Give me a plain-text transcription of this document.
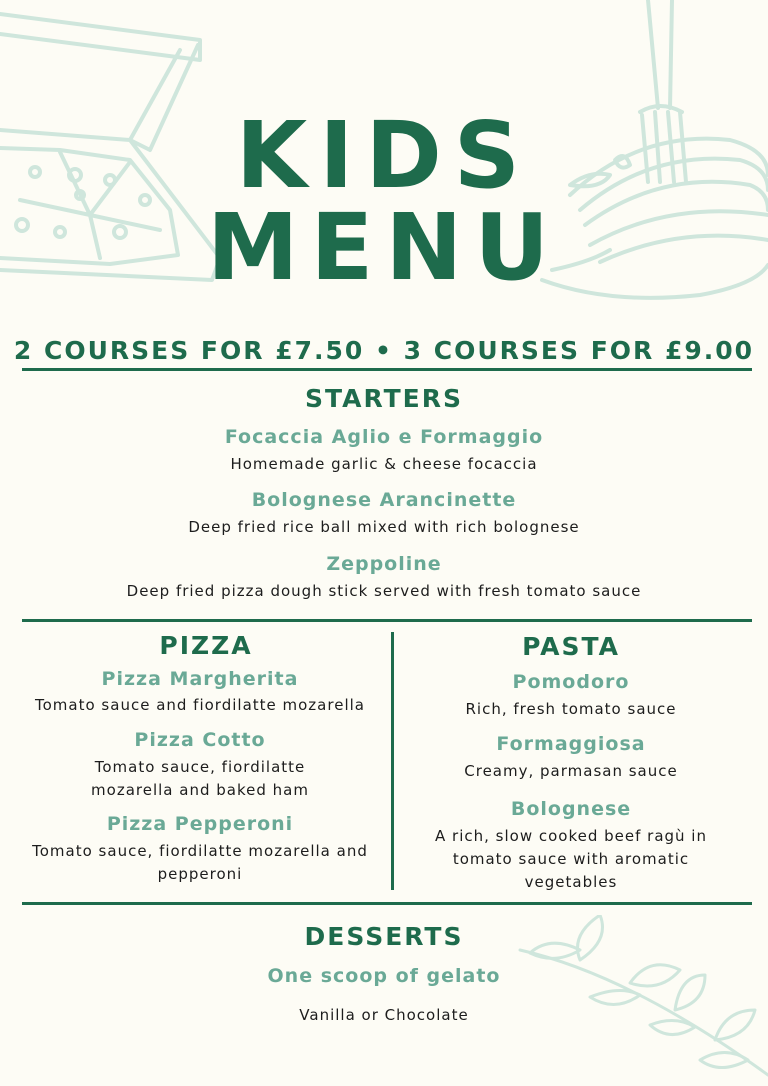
KIDS
MENU
2 COURSES FOR £7.50 • 3 COURSES FOR £9.00
STARTERS
Focaccia Aglio e Formaggio
Homemade garlic & cheese focaccia
Bolognese Arancinette
Deep fried rice ball mixed with rich bolognese
Zeppoline
Deep fried pizza dough stick served with fresh tomato sauce
PIZZA
Pizza Margherita
Tomato sauce and fiordilatte mozarella
Pizza Cotto
Tomato sauce, fiordilatte mozarella and baked ham
Pizza Pepperoni
Tomato sauce, fiordilatte mozarella and pepperoni
PASTA
Pomodoro
Rich, fresh tomato sauce
Formaggiosa
Creamy, parmasan sauce
Bolognese
A rich, slow cooked beef ragù in tomato sauce with aromatic vegetables
DESSERTS
One scoop of gelato
Vanilla or Chocolate
